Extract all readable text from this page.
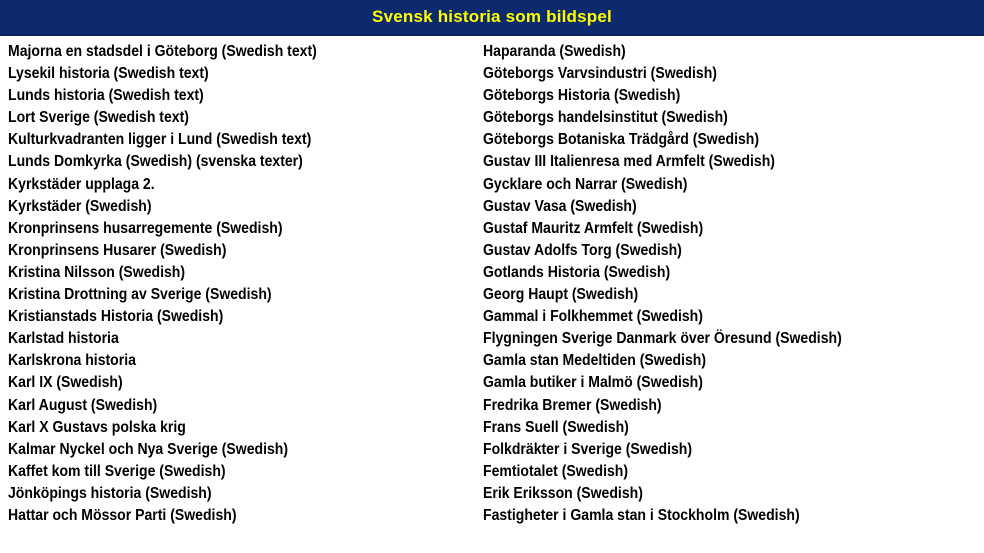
Svensk historia som bildspel
Majorna en stadsdel i Göteborg (Swedish text)
Lysekil historia (Swedish text)
Lunds historia (Swedish text)
Lort Sverige (Swedish text)
Kulturkvadranten ligger i Lund (Swedish text)
Lunds Domkyrka (Swedish) (svenska texter)
Kyrkstäder upplaga 2.
Kyrkstäder (Swedish)
Kronprinsens husarregemente (Swedish)
Kronprinsens Husarer (Swedish)
Kristina Nilsson (Swedish)
Kristina Drottning av Sverige (Swedish)
Kristianstads Historia (Swedish)
Karlstad historia
Karlskrona historia
Karl IX (Swedish)
Karl August (Swedish)
Karl X Gustavs polska krig
Kalmar Nyckel och Nya Sverige (Swedish)
Kaffet kom till Sverige (Swedish)
Jönköpings historia (Swedish)
Hattar och Mössor Parti (Swedish)
Haparanda (Swedish)
Göteborgs Varvsindustri (Swedish)
Göteborgs Historia (Swedish)
Göteborgs handelsinstitut (Swedish)
Göteborgs Botaniska Trädgård (Swedish)
Gustav III Italienresa med Armfelt (Swedish)
Gycklare och Narrar (Swedish)
Gustav Vasa (Swedish)
Gustaf Mauritz Armfelt (Swedish)
Gustav Adolfs Torg (Swedish)
Gotlands Historia (Swedish)
Georg Haupt (Swedish)
Gammal i Folkhemmet (Swedish)
Flygningen Sverige Danmark över Öresund (Swedish)
Gamla stan Medeltiden (Swedish)
Gamla butiker i Malmö (Swedish)
Fredrika Bremer (Swedish)
Frans Suell (Swedish)
Folkdräkter i Sverige (Swedish)
Femtiotalet (Swedish)
Erik Eriksson (Swedish)
Fastigheter i Gamla stan i Stockholm (Swedish)
